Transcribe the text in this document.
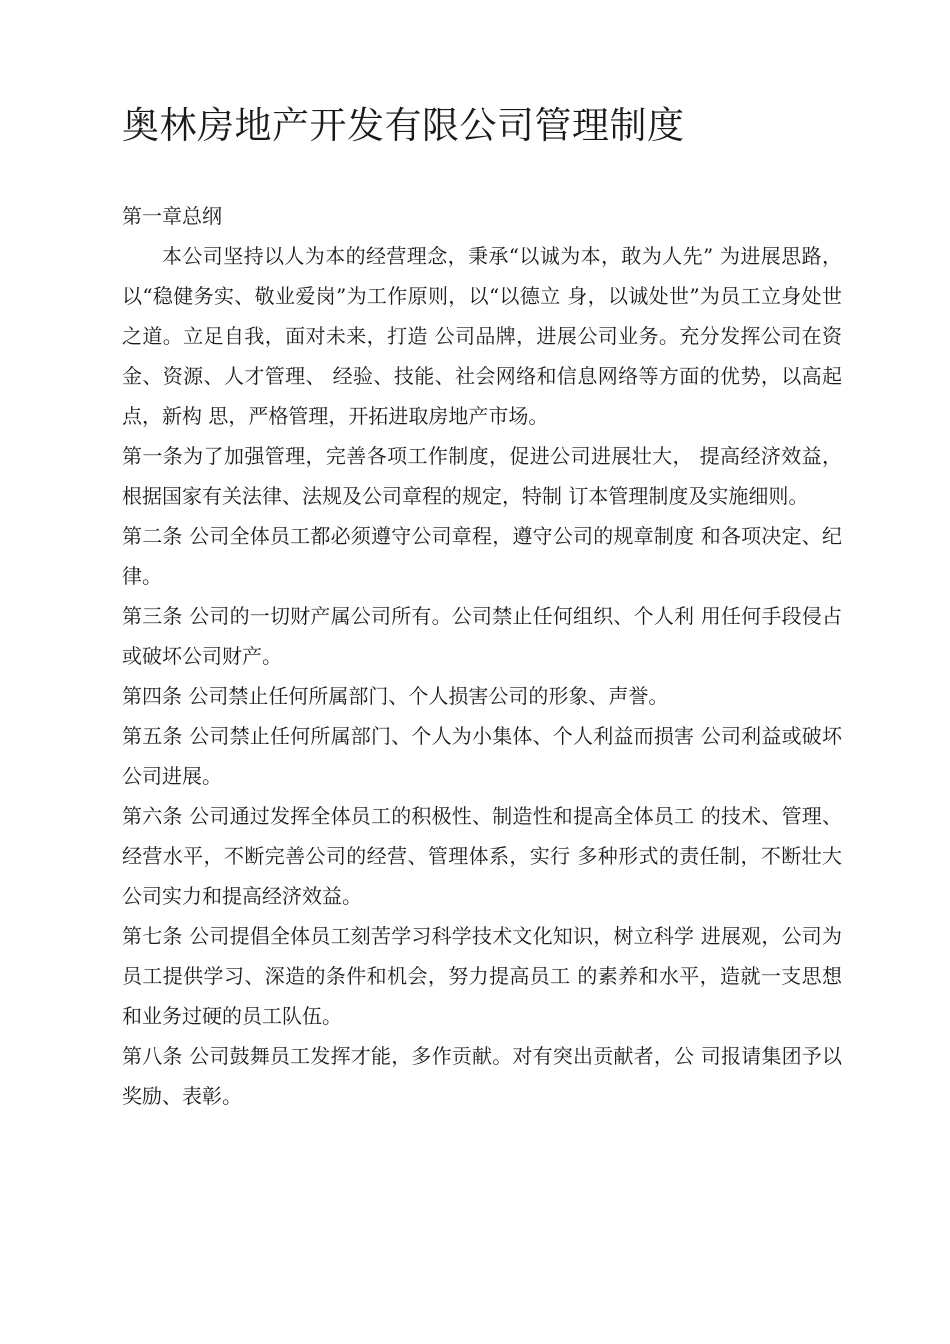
奥林房地产开发有限公司管理制度

第一章总纲

本公司坚持以人为本的经营理念，秉承“以诚为本，敢为人先” 为进展思路，以“稳健务实、敬业爱岗”为工作原则，以“以德立 身，以诚处世”为员工立身处世之道。立足自我，面对未来，打造 公司品牌，进展公司业务。充分发挥公司在资金、资源、人才管理、 经验、技能、社会网络和信息网络等方面的优势，以高起点，新构 思，严格管理，开拓进取房地产市场。

第一条为了加强管理，完善各项工作制度，促进公司进展壮大， 提高经济效益，根据国家有关法律、法规及公司章程的规定，特制 订本管理制度及实施细则。

第二条 公司全体员工都必须遵守公司章程，遵守公司的规章制度 和各项决定、纪律。

第三条 公司的一切财产属公司所有。公司禁止任何组织、个人利 用任何手段侵占或破坏公司财产。

第四条 公司禁止任何所属部门、个人损害公司的形象、声誉。

第五条 公司禁止任何所属部门、个人为小集体、个人利益而损害 公司利益或破坏公司进展。

第六条 公司通过发挥全体员工的积极性、制造性和提高全体员工 的技术、管理、经营水平，不断完善公司的经营、管理体系，实行 多种形式的责任制，不断壮大公司实力和提高经济效益。

第七条 公司提倡全体员工刻苦学习科学技术文化知识，树立科学 进展观，公司为员工提供学习、深造的条件和机会，努力提高员工 的素养和水平，造就一支思想和业务过硬的员工队伍。

第八条 公司鼓舞员工发挥才能，多作贡献。对有突出贡献者，公 司报请集团予以奖励、表彰。
